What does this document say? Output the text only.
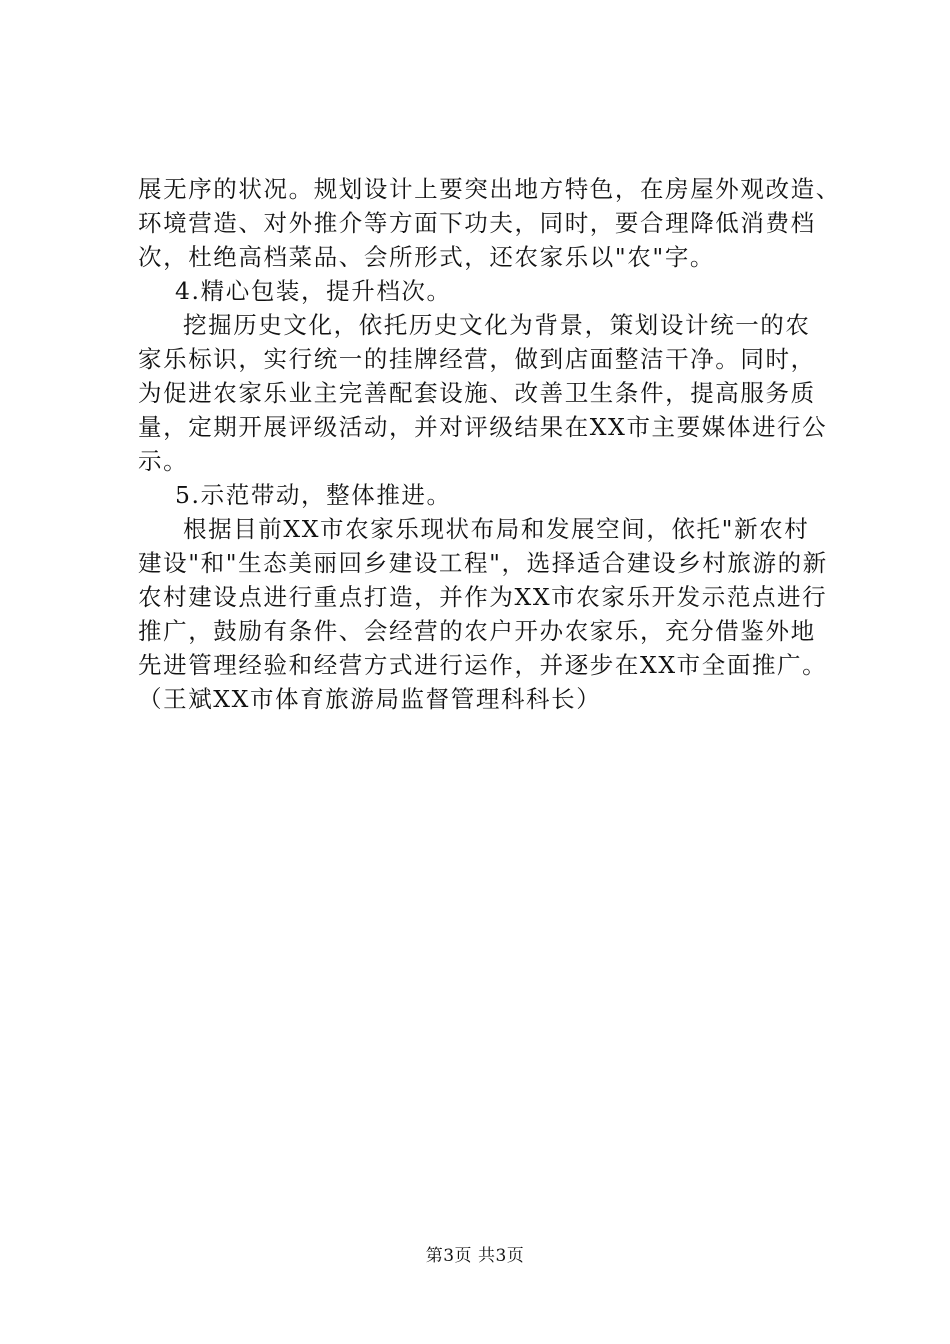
展无序的状况。规划设计上要突出地方特色，在房屋外观改造、
环境营造、对外推介等方面下功夫，同时，要合理降低消费档
次，杜绝高档菜品、会所形式，还农家乐以"农"字。
4.精心包装，提升档次。
挖掘历史文化，依托历史文化为背景，策划设计统一的农
家乐标识，实行统一的挂牌经营，做到店面整洁干净。同时，
为促进农家乐业主完善配套设施、改善卫生条件，提高服务质
量，定期开展评级活动，并对评级结果在XX市主要媒体进行公
示。
5.示范带动，整体推进。
根据目前XX市农家乐现状布局和发展空间，依托"新农村
建设"和"生态美丽回乡建设工程"，选择适合建设乡村旅游的新
农村建设点进行重点打造，并作为XX市农家乐开发示范点进行
推广，鼓励有条件、会经营的农户开办农家乐，充分借鉴外地
先进管理经验和经营方式进行运作，并逐步在XX市全面推广。
（王斌XX市体育旅游局监督管理科科长）
第3页 共3页
